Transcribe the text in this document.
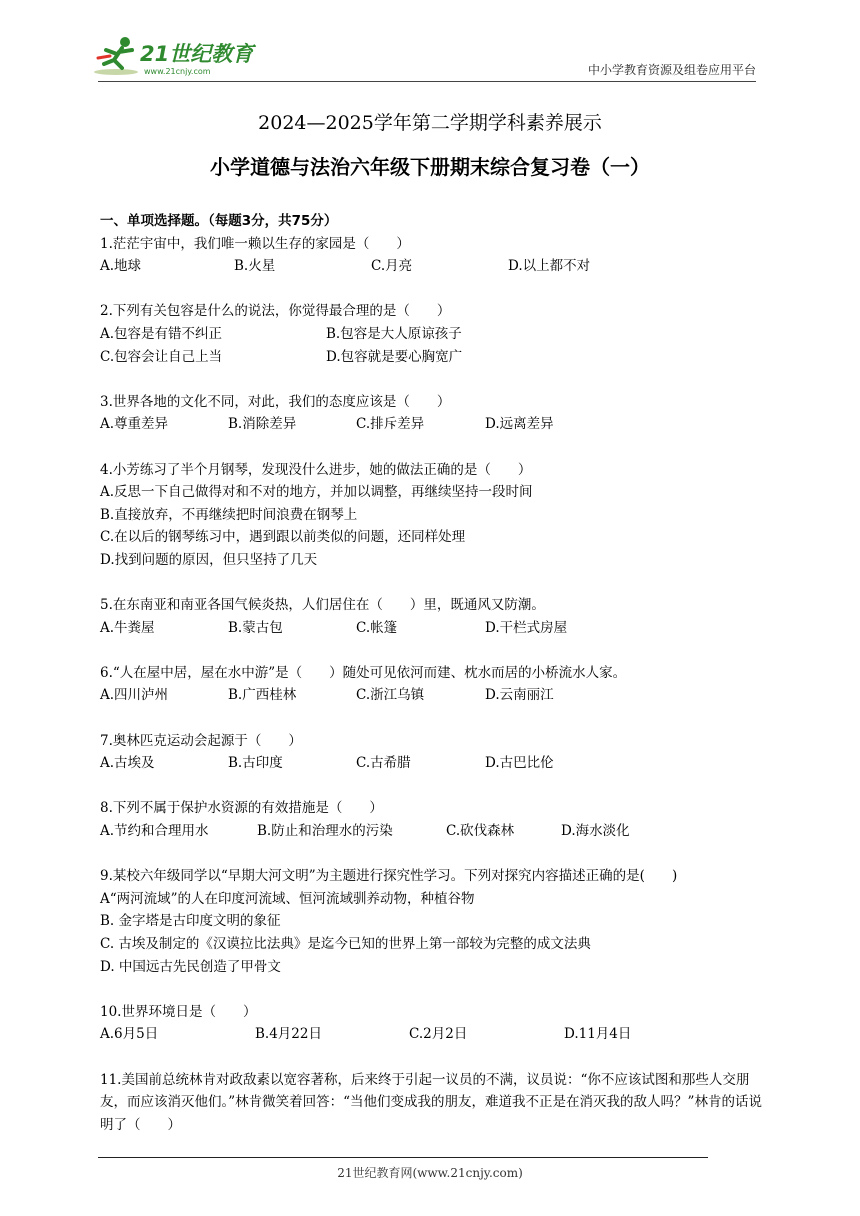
21世纪教育
www.21cnjy.com	中小学教育资源及组卷应用平台
2024—2025学年第二学期学科素养展示
小学道德与法治六年级下册期末综合复习卷（一）
一、单项选择题。（每题3分，共75分）
1.茫茫宇宙中，我们唯一赖以生存的家园是（　　）
A.地球	B.火星	C.月亮	D.以上都不对
2.下列有关包容是什么的说法，你觉得最合理的是（　　）
A.包容是有错不纠正	B.包容是大人原谅孩子
C.包容会让自己上当	D.包容就是要心胸宽广
3.世界各地的文化不同，对此，我们的态度应该是（　　）
A.尊重差异	B.消除差异	C.排斥差异	D.远离差异
4.小芳练习了半个月钢琴，发现没什么进步，她的做法正确的是（　　）
A.反思一下自己做得对和不对的地方，并加以调整，再继续坚持一段时间
B.直接放弃，不再继续把时间浪费在钢琴上
C.在以后的钢琴练习中，遇到跟以前类似的问题，还同样处理
D.找到问题的原因，但只坚持了几天
5.在东南亚和南亚各国气候炎热，人们居住在（　　）里，既通风又防潮。
A.牛粪屋	B.蒙古包	C.帐篷	D.干栏式房屋
6.“人在屋中居，屋在水中游”是（　　）随处可见依河而建、枕水而居的小桥流水人家。
A.四川泸州	B.广西桂林	C.浙江乌镇	D.云南丽江
7.奥林匹克运动会起源于（　　）
A.古埃及	B.古印度	C.古希腊	D.古巴比伦
8.下列不属于保护水资源的有效措施是（　　）
A.节约和合理用水	B.防止和治理水的污染	C.砍伐森林	D.海水淡化
9.某校六年级同学以“早期大河文明”为主题进行探究性学习。下列对探究内容描述正确的是(　　)
A“两河流域”的人在印度河流域、恒河流域驯养动物，种植谷物
B. 金字塔是古印度文明的象征
C. 古埃及制定的《汉谟拉比法典》是迄今已知的世界上第一部较为完整的成文法典
D. 中国远古先民创造了甲骨文
10.世界环境日是（　　）
A.6月5日	B.4月22日	C.2月2日	D.11月4日
11.美国前总统林肯对政敌素以宽容著称，后来终于引起一议员的不满，议员说：“你不应该试图和那些人交朋友，而应该消灭他们。”林肯微笑着回答：“当他们变成我的朋友，难道我不正是在消灭我的敌人吗？”林肯的话说明了（　　）
21世纪教育网(www.21cnjy.com)
